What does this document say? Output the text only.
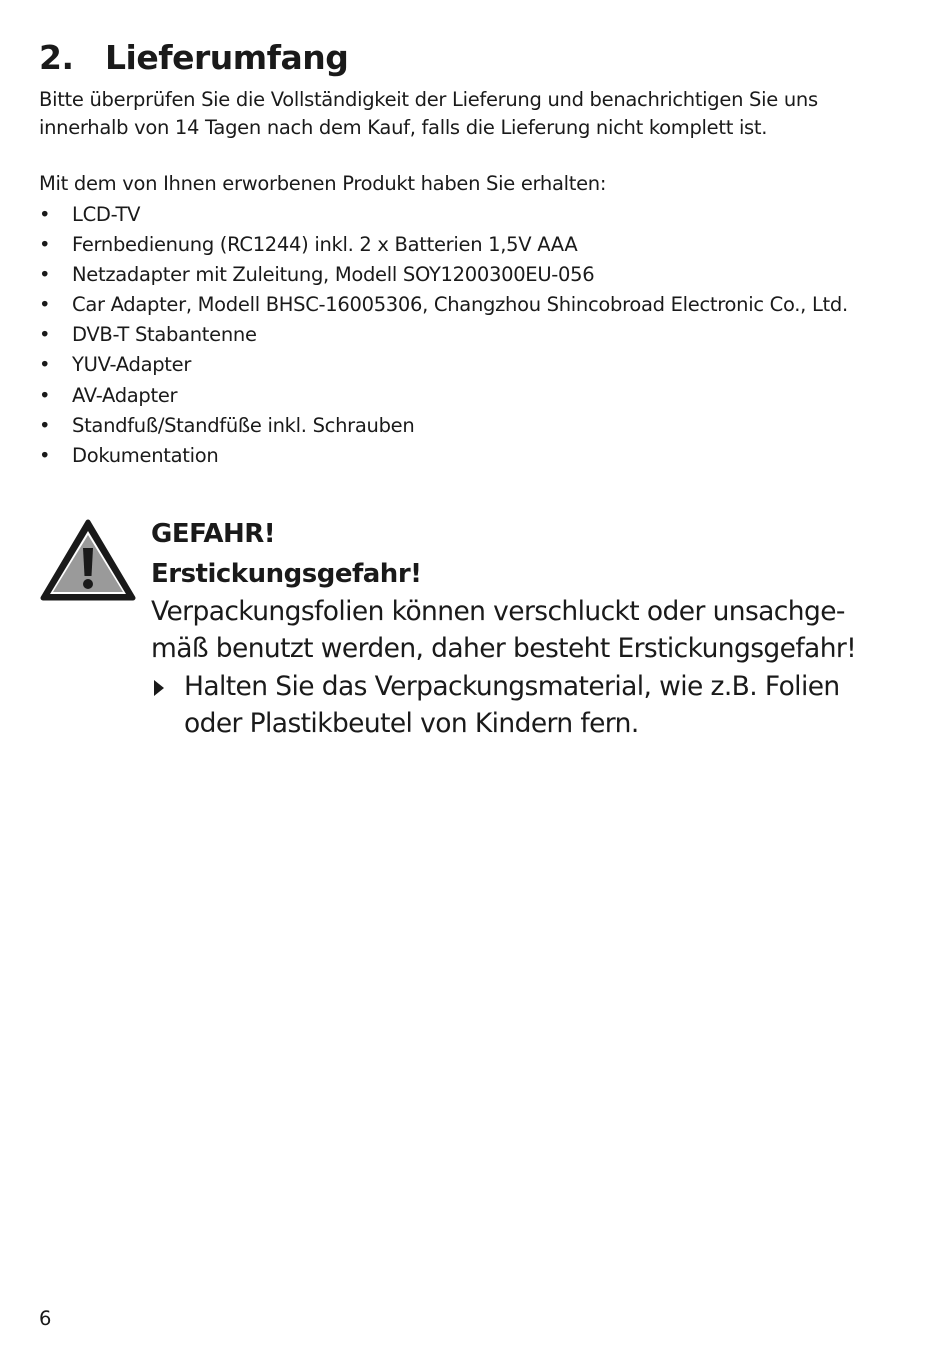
2. Lieferumfang

Bitte überprüfen Sie die Vollständigkeit der Lieferung und benachrichtigen Sie uns
innerhalb von 14 Tagen nach dem Kauf, falls die Lieferung nicht komplett ist.

Mit dem von Ihnen erworbenen Produkt haben Sie erhalten:

• LCD-TV
• Fernbedienung (RC1244) inkl. 2 x Batterien 1,5V AAA
• Netzadapter mit Zuleitung, Modell SOY1200300EU-056
• Car Adapter, Modell BHSC-16005306, Changzhou Shincobroad Electronic Co., Ltd.
• DVB-T Stabantenne
• YUV-Adapter
• AV-Adapter
• Standfuß/Standfüße inkl. Schrauben
• Dokumentation
GEFAHR!
Erstickungsgefahr!

Verpackungsfolien können verschluckt oder unsachge-
mäß benutzt werden, daher besteht Erstickungsgefahr!

Halten Sie das Verpackungsmaterial, wie z.B. Folien
oder Plastikbeutel von Kindern fern.

6
